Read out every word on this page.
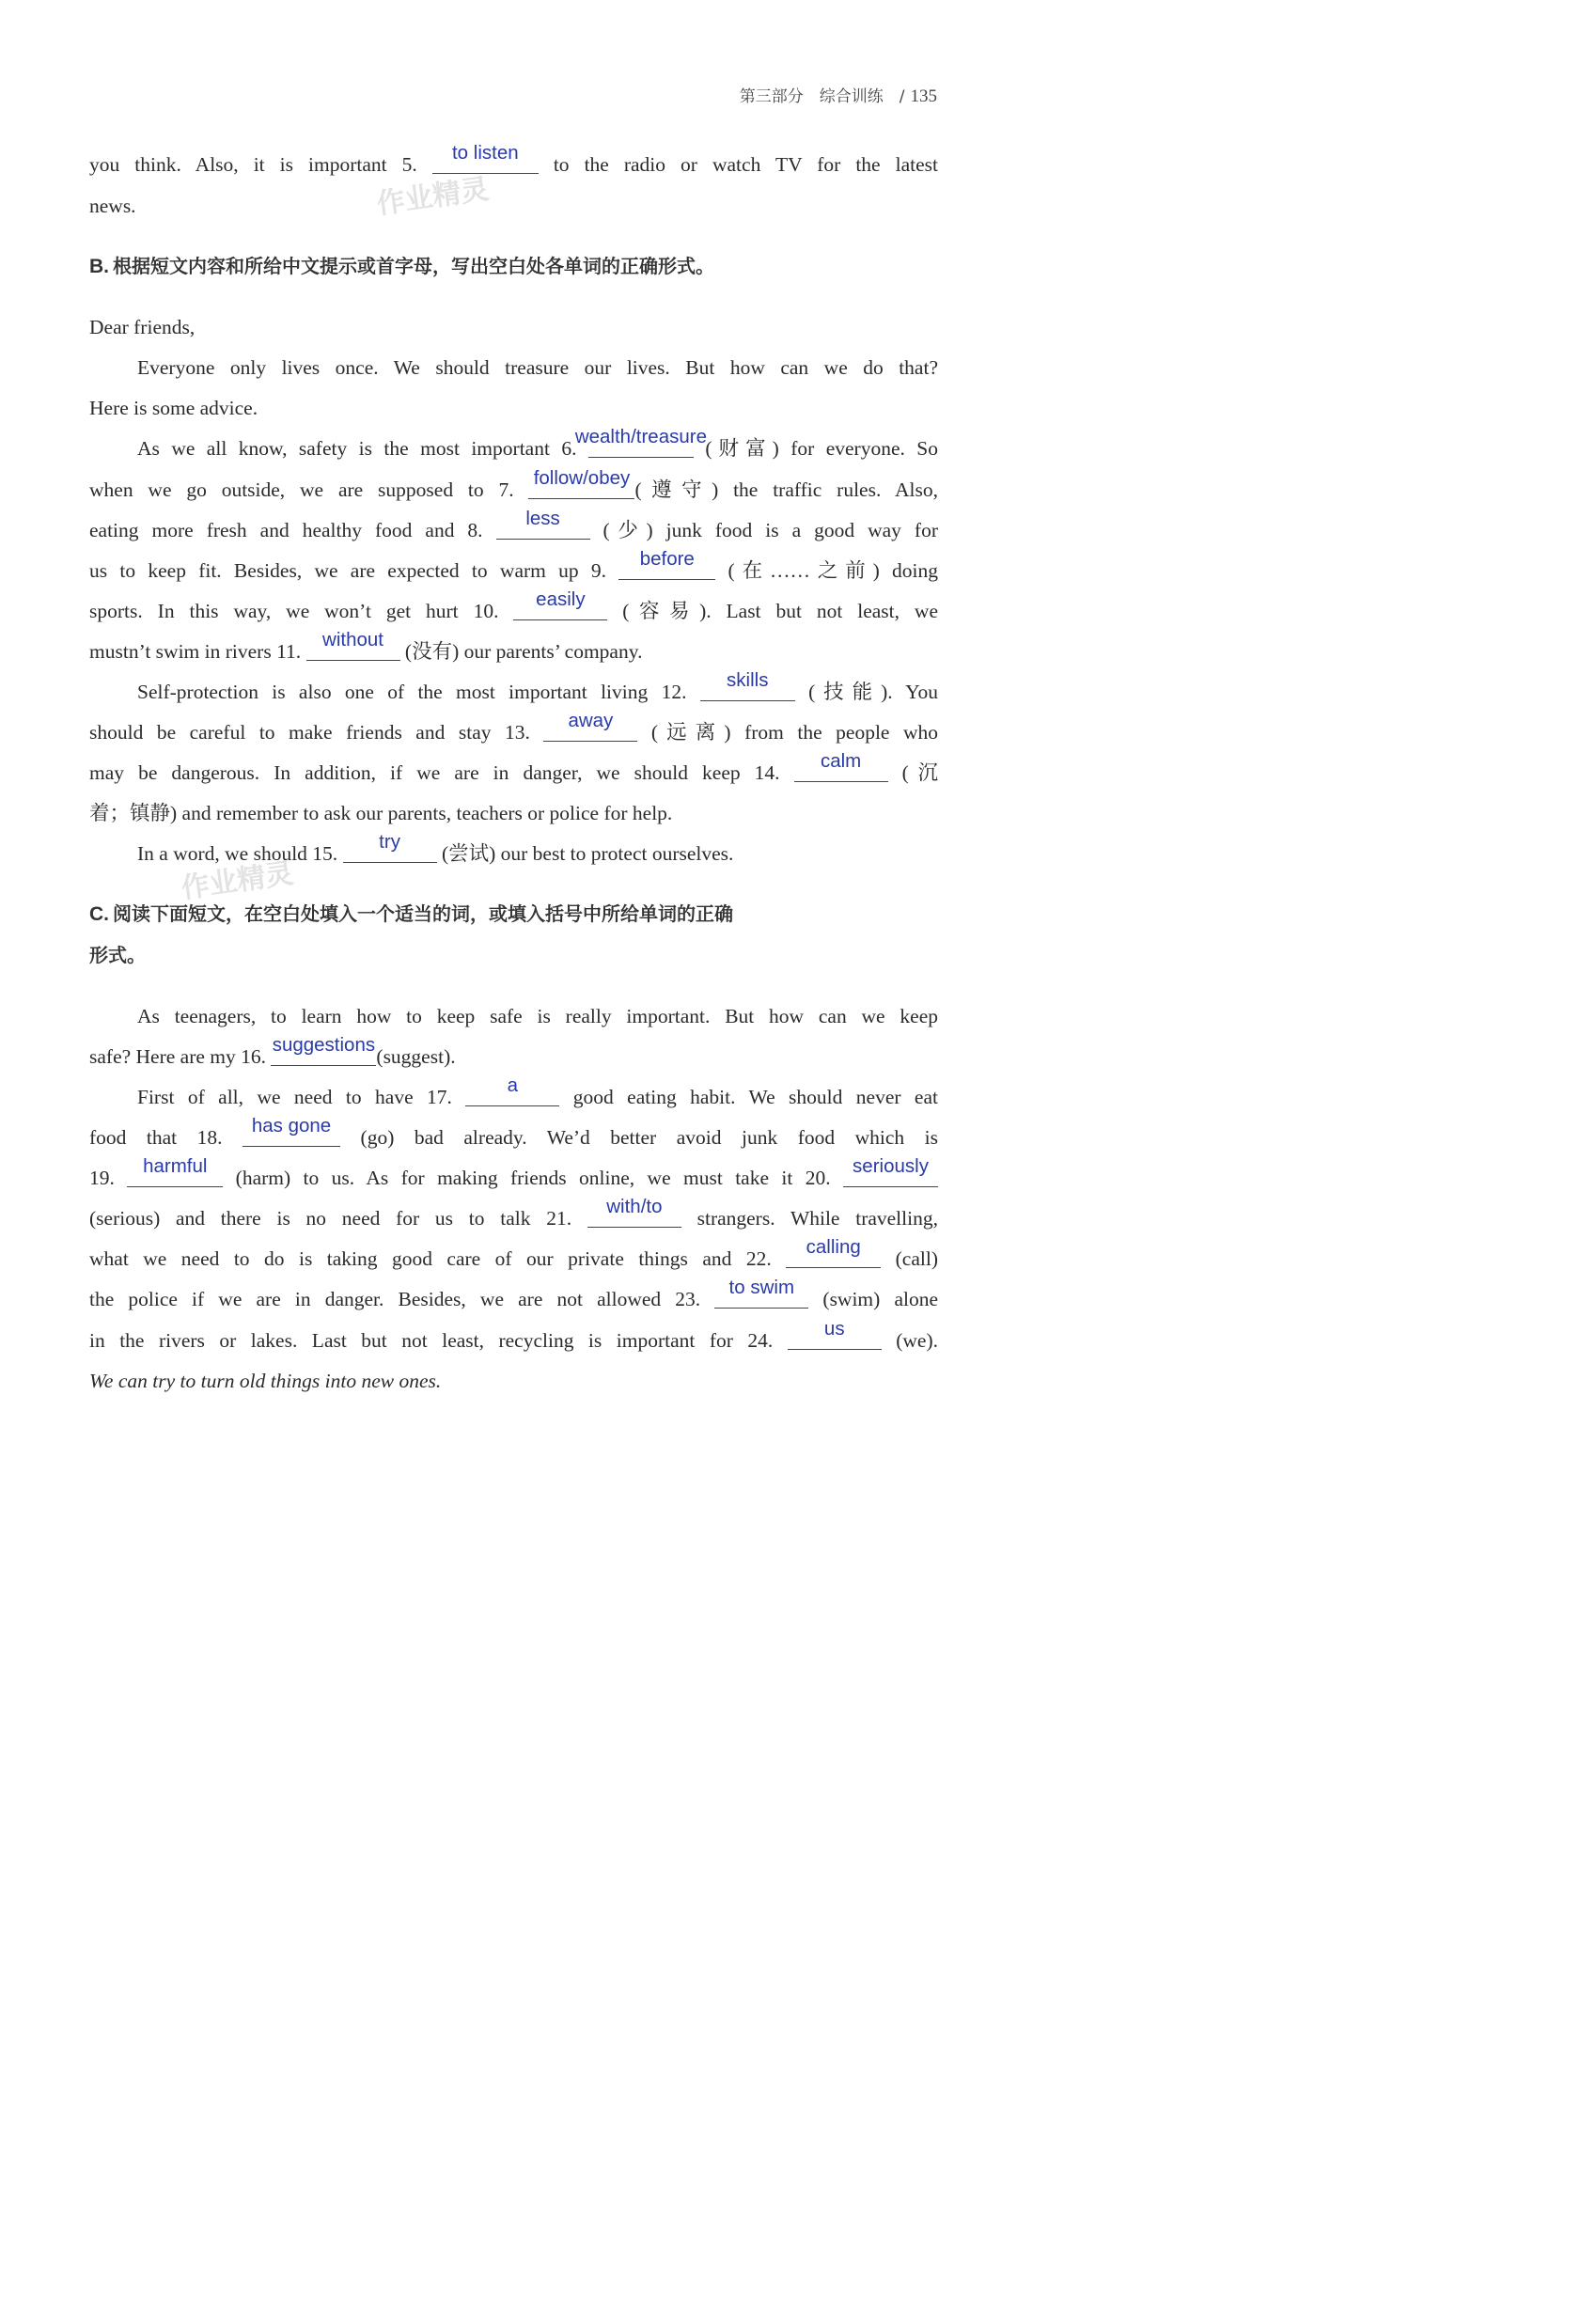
第三部分　综合训练　/ 135
作业精灵
作业精灵
you think. Also, it is important 5.
to listen
to the radio or watch TV for the latest
news.
B. 根据短文内容和所给中文提示或首字母，写出空白处各单词的正确形式。
Dear friends,
Everyone only lives once. We should treasure our lives. But how can we do that?
Here is some advice.
As we all know, safety is the most important 6.
wealth/treasure
(财富) for everyone. So
when we go outside, we are supposed to 7.
follow/obey
(遵守) the traffic rules. Also,
eating more fresh and healthy food and 8.
less
(少) junk food is a good way for
us to keep fit. Besides, we are expected to warm up 9.
before
(在……之前) doing
sports. In this way, we won’t get hurt 10.
easily
(容易). Last but not least, we
mustn’t swim in rivers 11.
without
(没有) our parents’ company.
Self-protection is also one of the most important living 12.
skills
(技能). You
should be careful to make friends and stay 13.
away
(远离) from the people who
may be dangerous. In addition, if we are in danger, we should keep 14.
calm
(沉
着；镇静) and remember to ask our parents, teachers or police for help.
In a word, we should 15.
try
(尝试) our best to protect ourselves.
C. 阅读下面短文，在空白处填入一个适当的词，或填入括号中所给单词的正确
形式。
As teenagers, to learn how to keep safe is really important. But how can we keep
safe? Here are my 16.
suggestions
(suggest).
First of all, we need to have 17.
a
good eating habit. We should never eat
food that 18.
has gone
(go) bad already. We’d better avoid junk food which is
19.
harmful
(harm) to us. As for making friends online, we must take it 20.
seriously
(serious) and there is no need for us to talk 21.
with/to
strangers. While travelling,
what we need to do is taking good care of our private things and 22.
calling
(call)
the police if we are in danger. Besides, we are not allowed 23.
to swim
(swim) alone
in the rivers or lakes. Last but not least, recycling is important for 24.
us
(we).
We can try to turn old things into new ones.
